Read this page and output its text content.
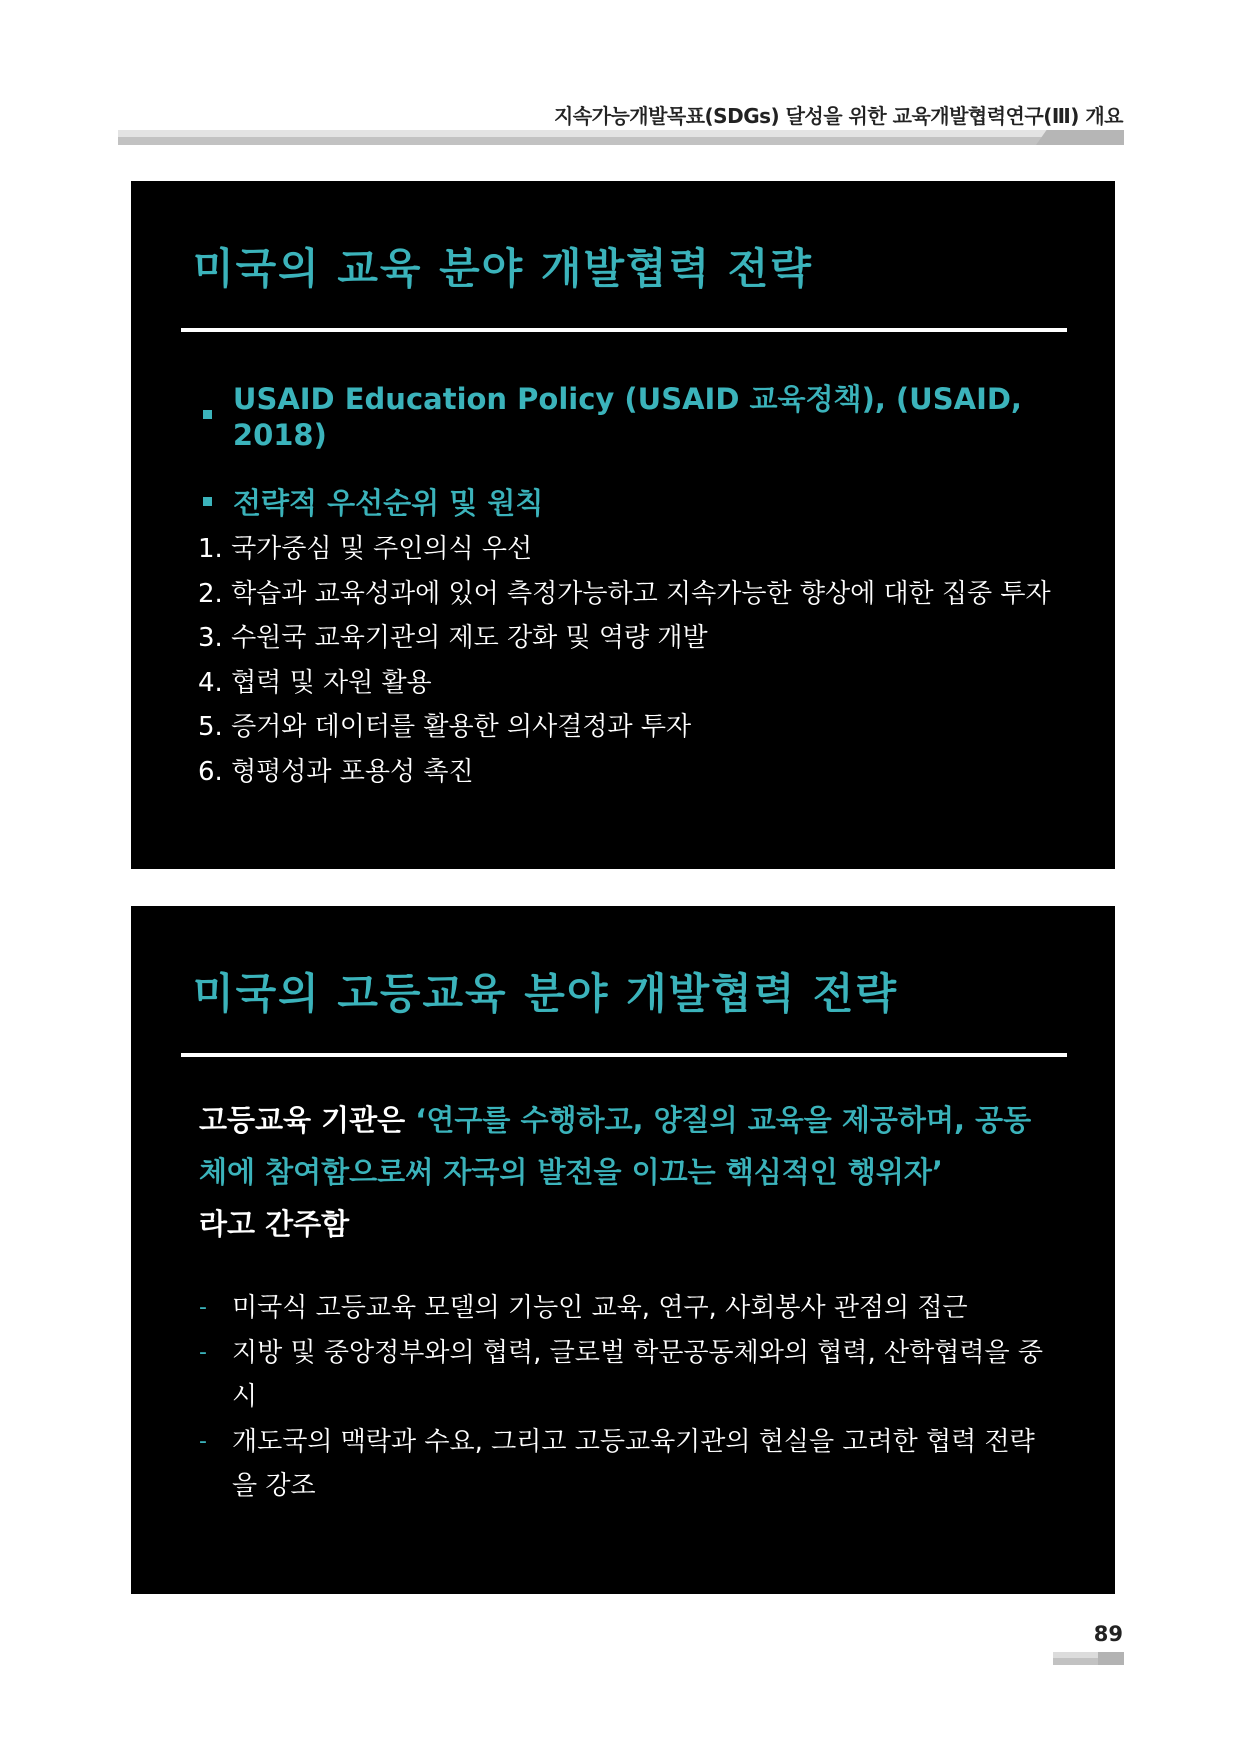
지속가능개발목표(SDGs) 달성을 위한 교육개발협력연구(Ⅲ) 개요
미국의 교육 분야 개발협력 전략
USAID Education Policy (USAID 교육정책), (USAID, 2018)
전략적 우선순위 및 원칙
1. 국가중심 및 주인의식 우선
2. 학습과 교육성과에 있어 측정가능하고 지속가능한 향상에 대한 집중 투자
3. 수원국 교육기관의 제도 강화 및 역량 개발
4. 협력 및 자원 활용
5. 증거와 데이터를 활용한 의사결정과 투자
6. 형평성과 포용성 촉진
미국의 고등교육 분야 개발협력 전략
고등교육 기관은 ‘연구를 수행하고, 양질의 교육을 제공하며, 공동체에 참여함으로써 자국의 발전을 이끄는 핵심적인 행위자’
라고 간주함
- 미국식 고등교육 모델의 기능인 교육, 연구, 사회봉사 관점의 접근
- 지방 및 중앙정부와의 협력, 글로벌 학문공동체와의 협력, 산학협력을 중시
- 개도국의 맥락과 수요, 그리고 고등교육기관의 현실을 고려한 협력 전략을 강조
89
